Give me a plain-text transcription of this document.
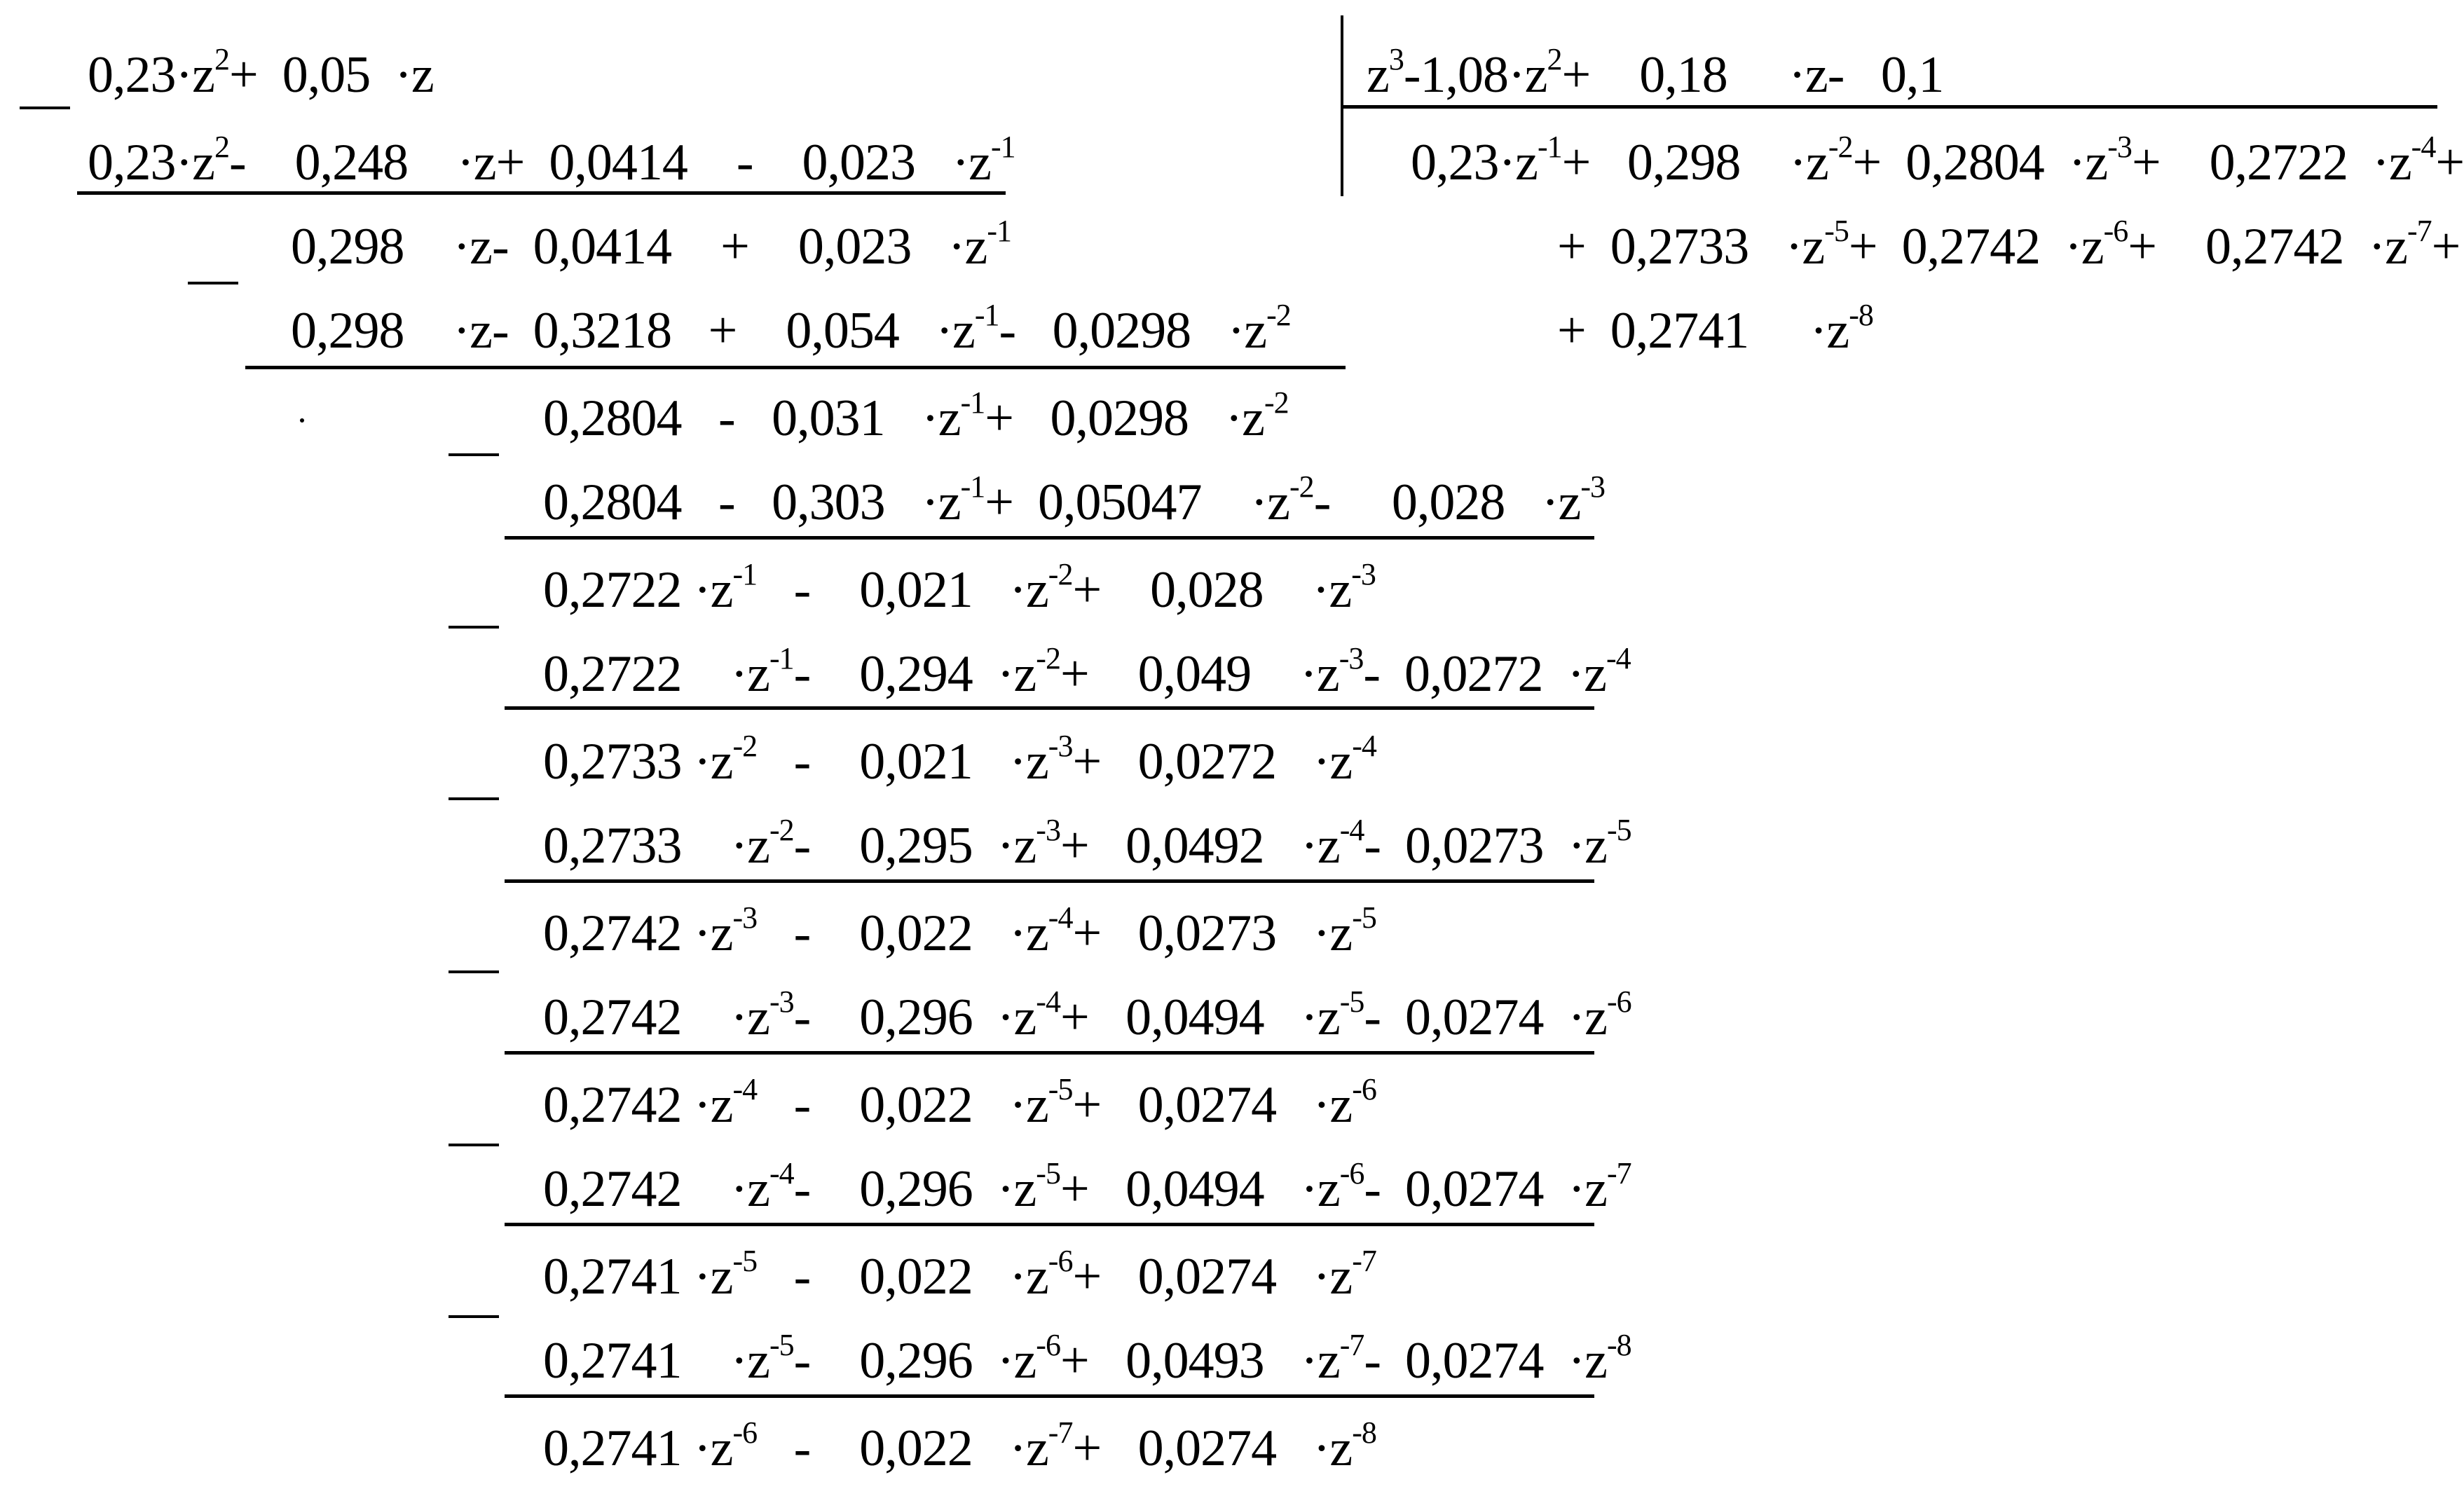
$0,23\cdot z^2+ 0,05 \cdot z$	$z^3-1,08\cdot z^2+$    0,18     ·z-   0,1
$0,23\cdot z^{-1}+ 0,298$    $\cdot z^{-2}+ 0,2804 \cdot z^{-3}+$    $0,2722 \cdot z^{-4}+$
+  $0,2733 \cdot z^{-5}+ 0,2742 \cdot z^{-6}+$    $0,2742 \cdot z^{-7}+$
+  0,2741     $\cdot z^{-8}$
$0,23\cdot z^2-$    0,248    ·z+  0,0414    -    $0,023 \cdot z^{-1}$
0,298    ·z-  0,0414    +    $0,023 \cdot z^{-1}$
0,298    ·z-  0,3218   +    $0,054 \cdot z^{-1}-$   $0,0298 \cdot z^{-2}$
$0,2804 - 0,031 \cdot z^{-1}+ 0,0298 \cdot z^{-2}$
$0,2804 - 0,303 \cdot z^{-1}+ 0,05047$    $\cdot z^{-2}-$     $0,028 \cdot z^{-3}$
$0,2722 \cdot z^{-1}$   -    $0,021 \cdot z^{-2}+$    0,028    $\cdot z^{-3}$
0,2722    $\cdot z^{-1}-$    $0,294 \cdot z^{-2}+$    0,049    $\cdot z^{-3}-$  $0,0272 \cdot z^{-4}$
$0,2733 \cdot z^{-2}$   -    $0,021 \cdot z^{-3}+ 0,0272 \cdot z^{-4}$
0,2733    $\cdot z^{-2}-$    $0,295 \cdot z^{-3}+ 0,0492 \cdot z^{-4}-$  $0,0273 \cdot z^{-5}$
$0,2742 \cdot z^{-3}$   -    $0,022 \cdot z^{-4}+ 0,0273 \cdot z^{-5}$
0,2742    $\cdot z^{-3}-$    $0,296 \cdot z^{-4}+ 0,0494 \cdot z^{-5}-$  $0,0274 \cdot z^{-6}$
$0,2742 \cdot z^{-4}$   -    $0,022 \cdot z^{-5}+ 0,0274 \cdot z^{-6}$
0,2742    $\cdot z^{-4}-$    $0,296 \cdot z^{-5}+ 0,0494 \cdot z^{-6}-$  $0,0274 \cdot z^{-7}$
$0,2741 \cdot z^{-5}$   -    $0,022 \cdot z^{-6}+ 0,0274 \cdot z^{-7}$
0,2741    $\cdot z^{-5}-$    $0,296 \cdot z^{-6}+ 0,0493 \cdot z^{-7}-$  $0,0274 \cdot z^{-8}$
$0,2741 \cdot z^{-6}$   -    $0,022 \cdot z^{-7}+ 0,0274 \cdot z^{-8}$
